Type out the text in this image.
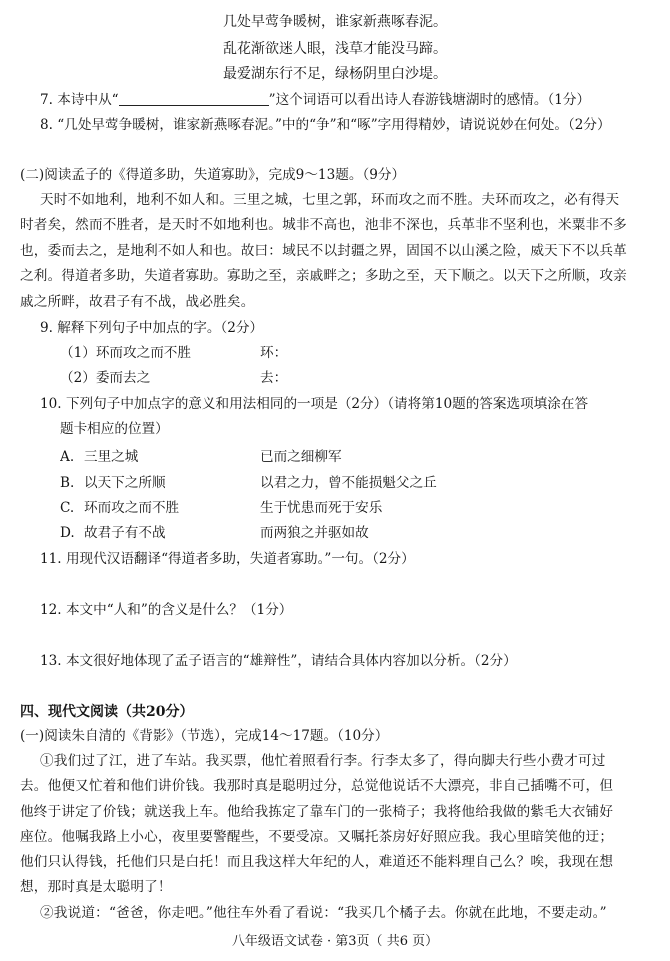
几处早莺争暖树，谁家新燕啄春泥。
乱花渐欲迷人眼，浅草才能没马蹄。
最爱湖东行不足，绿杨阴里白沙堤。
7. 本诗中从“	”这个词语可以看出诗人春游钱塘湖时的感情。（1分）
8. “几处早莺争暖树，谁家新燕啄春泥。”中的“争”和“啄”字用得精妙，请说说妙在何处。（2分）
(二)阅读孟子的《得道多助，失道寡助》，完成9～13题。（9分）
天时不如地利，地利不如人和。三里之城，七里之郭，环而攻之而不胜。夫环而攻之，必有得天
时者矣，然而不胜者，是天时不如地利也。城非不高也，池非不深也，兵革非不坚利也，米粟非不多
也，委而去之，是地利不如人和也。故曰：域民不以封疆之界，固国不以山溪之险，威天下不以兵革
之利。得道者多助，失道者寡助。寡助之至，亲戚畔之；多助之至，天下顺之。以天下之所顺，攻亲
戚之所畔，故君子有不战，战必胜矣。
9. 解释下列句子中加点的字。（2分）
（1）环而攻之而不胜	环：
（2）委而去之	去：
10. 下列句子中加点字的意义和用法相同的一项是（2分）（请将第10题的答案选项填涂在答
题卡相应的位置）
A. 三里之城	已而之细柳军
B. 以天下之所顺	以君之力，曾不能损魁父之丘
C. 环而攻之而不胜	生于忧患而死于安乐
D. 故君子有不战	而两狼之并驱如故
11. 用现代汉语翻译“得道者多助，失道者寡助。”一句。（2分）
12. 本文中“人和”的含义是什么？（1分）
13. 本文很好地体现了孟子语言的“雄辩性”，请结合具体内容加以分析。（2分）
四、现代文阅读（共20分）
(一)阅读朱自清的《背影》（节选），完成14～17题。（10分）
①我们过了江，进了车站。我买票，他忙着照看行李。行李太多了，得向脚夫行些小费才可过
去。他便又忙着和他们讲价钱。我那时真是聪明过分，总觉他说话不大漂亮，非自己插嘴不可，但
他终于讲定了价钱；就送我上车。他给我拣定了靠车门的一张椅子；我将他给我做的紫毛大衣铺好
座位。他嘱我路上小心，夜里要警醒些，不要受凉。又嘱托茶房好好照应我。我心里暗笑他的迂；
他们只认得钱，托他们只是白托！而且我这样大年纪的人，难道还不能料理自己么？唉，我现在想
想，那时真是太聪明了！
②我说道：“爸爸，你走吧。”他往车外看了看说：“我买几个橘子去。你就在此地，不要走动。”
八年级语文试卷 · 第3页（ 共6 页）
